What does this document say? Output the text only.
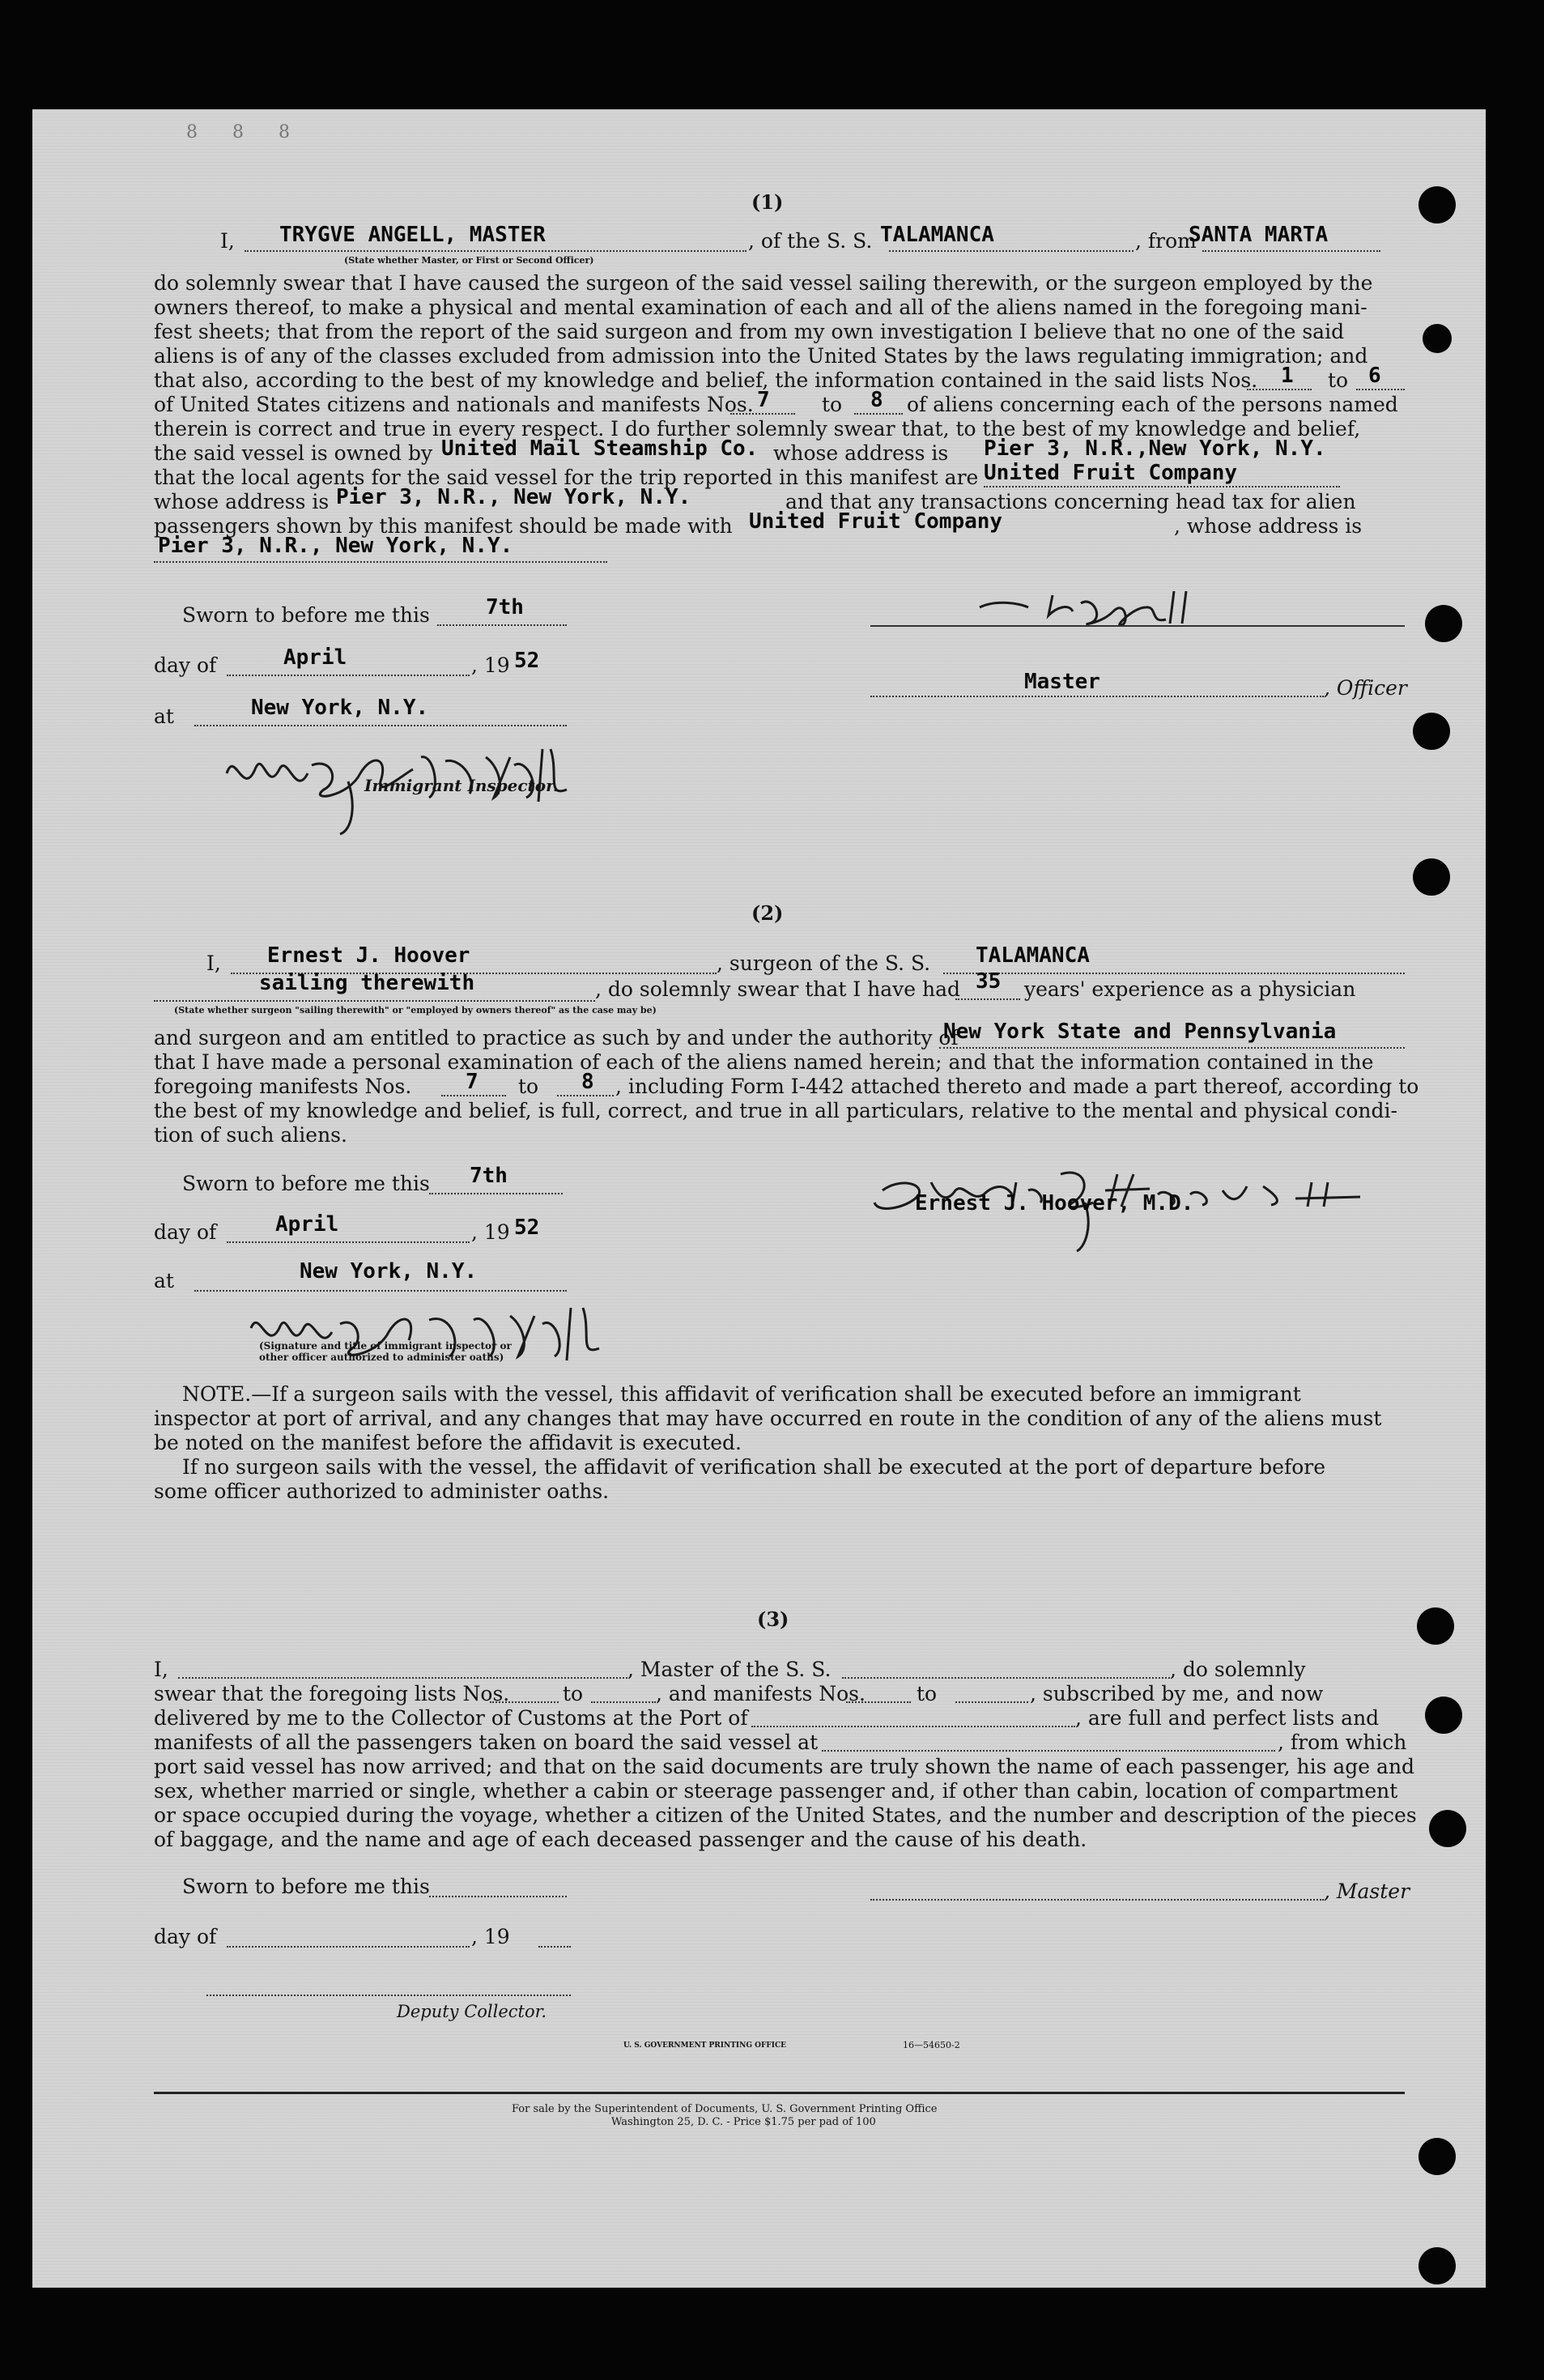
8 8 8
(1)
I, TRYGVE ANGELL, MASTER
(State whether Master, or First or Second Officer)
, of the S. S. TALAMANCA	, from
SANTA MARTA
do solemnly swear that I have caused the surgeon of the said vessel sailing therewith, or the surgeon employed by the
owners thereof, to make a physical and mental examination of each and all of the aliens named in the foregoing mani-
fest sheets; that from the report of the said surgeon and from my own investigation I believe that no one of the said
aliens is of any of the classes excluded from admission into the United States by the laws regulating immigration; and
that also, according to the best of my knowledge and belief, the information contained in the said lists Nos. 1 to 6
of United States citizens and nationals and manifests Nos. 7	to 8 of aliens concerning each of the persons named
therein is correct and true in every respect. I do further solemnly swear that, to the best of my knowledge and belief,
the said vessel is owned by United Mail Steamship Co. whose address is Pier 3, N.R.,New York, N.Y.
that the local agents for the said vessel for the trip reported in this manifest are United Fruit Company
whose address is Pier 3, N.R., New York, N.Y.	and that any transactions concerning head tax for alien
passengers shown by this manifest should be made with United Fruit Company	, whose address is
Pier 3, N.R., New York, N.Y.
Sworn to before me this	7th
day of	April	, 19 52
at	New York, N.Y.
Immigrant Inspector.
Master	, Officer
(2)
I, Ernest J. Hoover	, surgeon of the S. S. TALAMANCA
sailing therewith	, do solemnly swear that I have had 35 years' experience as a physician
(State whether surgeon "sailing therewith" or "employed by owners thereof" as the case may be)
and surgeon and am entitled to practice as such by and under the authority of
New York State and Pennsylvania
that I have made a personal examination of each of the aliens named herein; and that the information contained in the
foregoing manifests Nos.	7 to 8 , including Form I-442 attached thereto and made a part thereof, according to
the best of my knowledge and belief, is full, correct, and true in all particulars, relative to the mental and physical condi-
tion of such aliens.
Sworn to before me this 7th
day of	April	, 19 52
at	New York, N.Y.
(Signature and title of immigrant inspector or
other officer authorized to administer oaths)
Ernest J. Hoover, M.D.
NOTE.—If a surgeon sails with the vessel, this affidavit of verification shall be executed before an immigrant
inspector at port of arrival, and any changes that may have occurred en route in the condition of any of the aliens must
be noted on the manifest before the affidavit is executed.
If no surgeon sails with the vessel, the affidavit of verification shall be executed at the port of departure before
some officer authorized to administer oaths.
(3)
I,	, Master of the S. S.	, do solemnly
swear that the foregoing lists Nos.	to	, and manifests Nos.	to	, subscribed by me, and now
delivered by me to the Collector of Customs at the Port of	, are full and perfect lists and
manifests of all the passengers taken on board the said vessel at	, from which
port said vessel has now arrived; and that on the said documents are truly shown the name of each passenger, his age and
sex, whether married or single, whether a cabin or steerage passenger and, if other than cabin, location of compartment
or space occupied during the voyage, whether a citizen of the United States, and the number and description of the pieces
of baggage, and the name and age of each deceased passenger and the cause of his death.
Sworn to before me this	, Master
day of	, 19
Deputy Collector.
U. S. GOVERNMENT PRINTING OFFICE	16—54650-2
For sale by the Superintendent of Documents, U. S. Government Printing Office
Washington 25, D. C. - Price $1.75 per pad of 100
